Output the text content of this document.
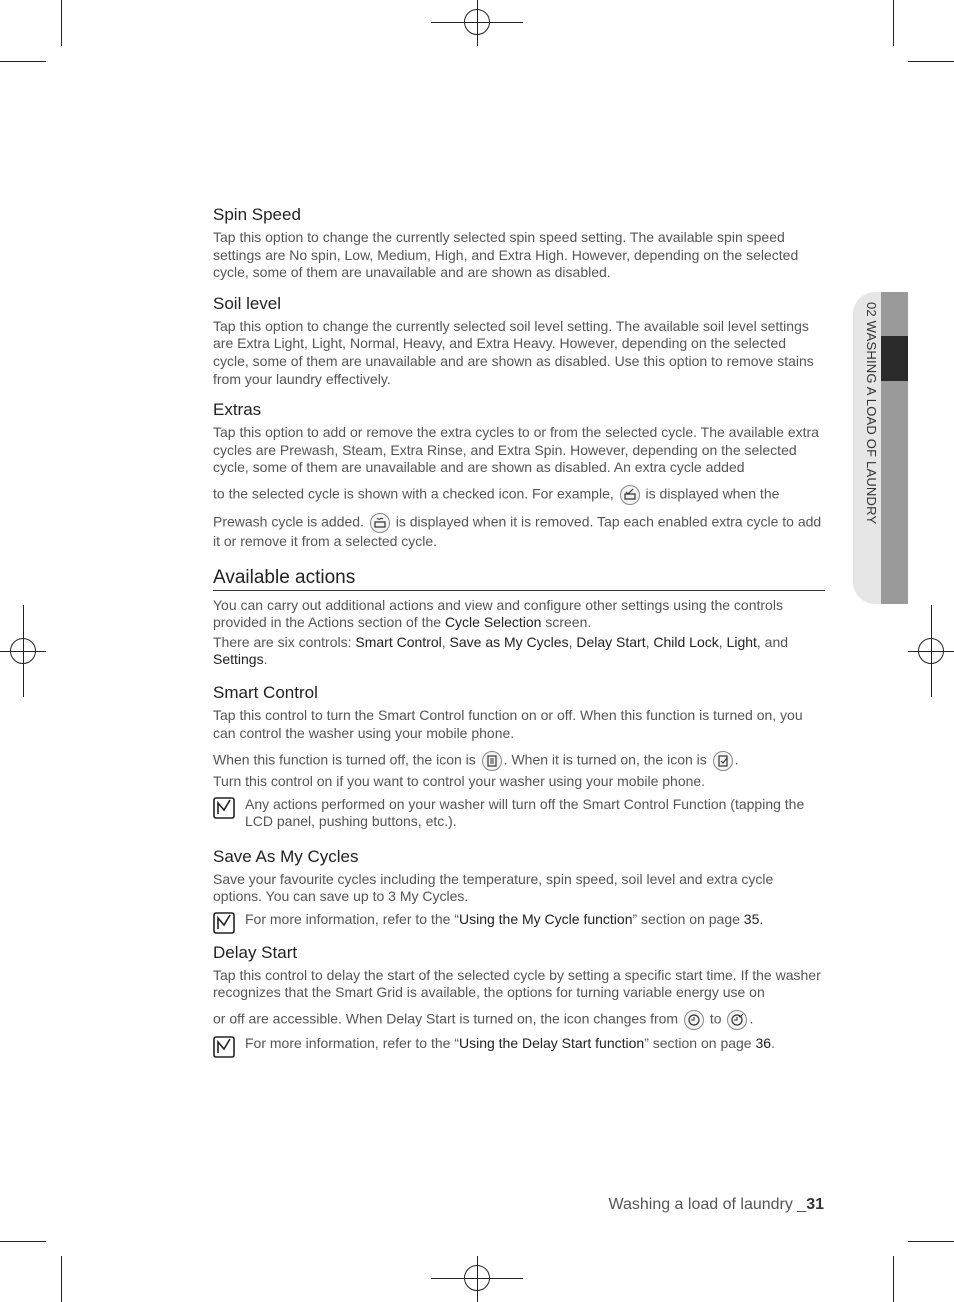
02 WASHING A LOAD OF LAUNDRY
Spin Speed

Tap this option to change the currently selected spin speed setting. The available spin speed settings are No spin, Low, Medium, High, and Extra High. However, depending on the selected cycle, some of them are unavailable and are shown as disabled.

Soil level

Tap this option to change the currently selected soil level setting. The available soil level settings are Extra Light, Light, Normal, Heavy, and Extra Heavy. However, depending on the selected cycle, some of them are unavailable and are shown as disabled. Use this option to remove stains from your laundry effectively.

Extras

Tap this option to add or remove the extra cycles to or from the selected cycle. The available extra cycles are Prewash, Steam, Extra Rinse, and Extra Spin. However, depending on the selected cycle, some of them are unavailable and are shown as disabled. An extra cycle added
to the selected cycle is shown with a checked icon. For example, is displayed when the
Prewash cycle is added. is displayed when it is removed. Tap each enabled extra cycle to add it or remove it from a selected cycle.

Available actions

You can carry out additional actions and view and configure other settings using the controls provided in the Actions section of the Cycle Selection screen.

There are six controls: Smart Control, Save as My Cycles, Delay Start, Child Lock, Light, and Settings.

Smart Control

Tap this control to turn the Smart Control function on or off. When this function is turned on, you can control the washer using your mobile phone.

When this function is turned off, the icon is . When it is turned on, the icon is .

Turn this control on if you want to control your washer using your mobile phone.

Any actions performed on your washer will turn off the Smart Control Function (tapping the LCD panel, pushing buttons, etc.).

Save As My Cycles

Save your favourite cycles including the temperature, spin speed, soil level and extra cycle options. You can save up to 3 My Cycles.

For more information, refer to the “Using the My Cycle function” section on page 35.

Delay Start

Tap this control to delay the start of the selected cycle by setting a specific start time. If the washer recognizes that the Smart Grid is available, the options for turning variable energy use on

or off are accessible. When Delay Start is turned on, the icon changes from to .

For more information, refer to the “Using the Delay Start function” section on page 36.

Washing a load of laundry _31
